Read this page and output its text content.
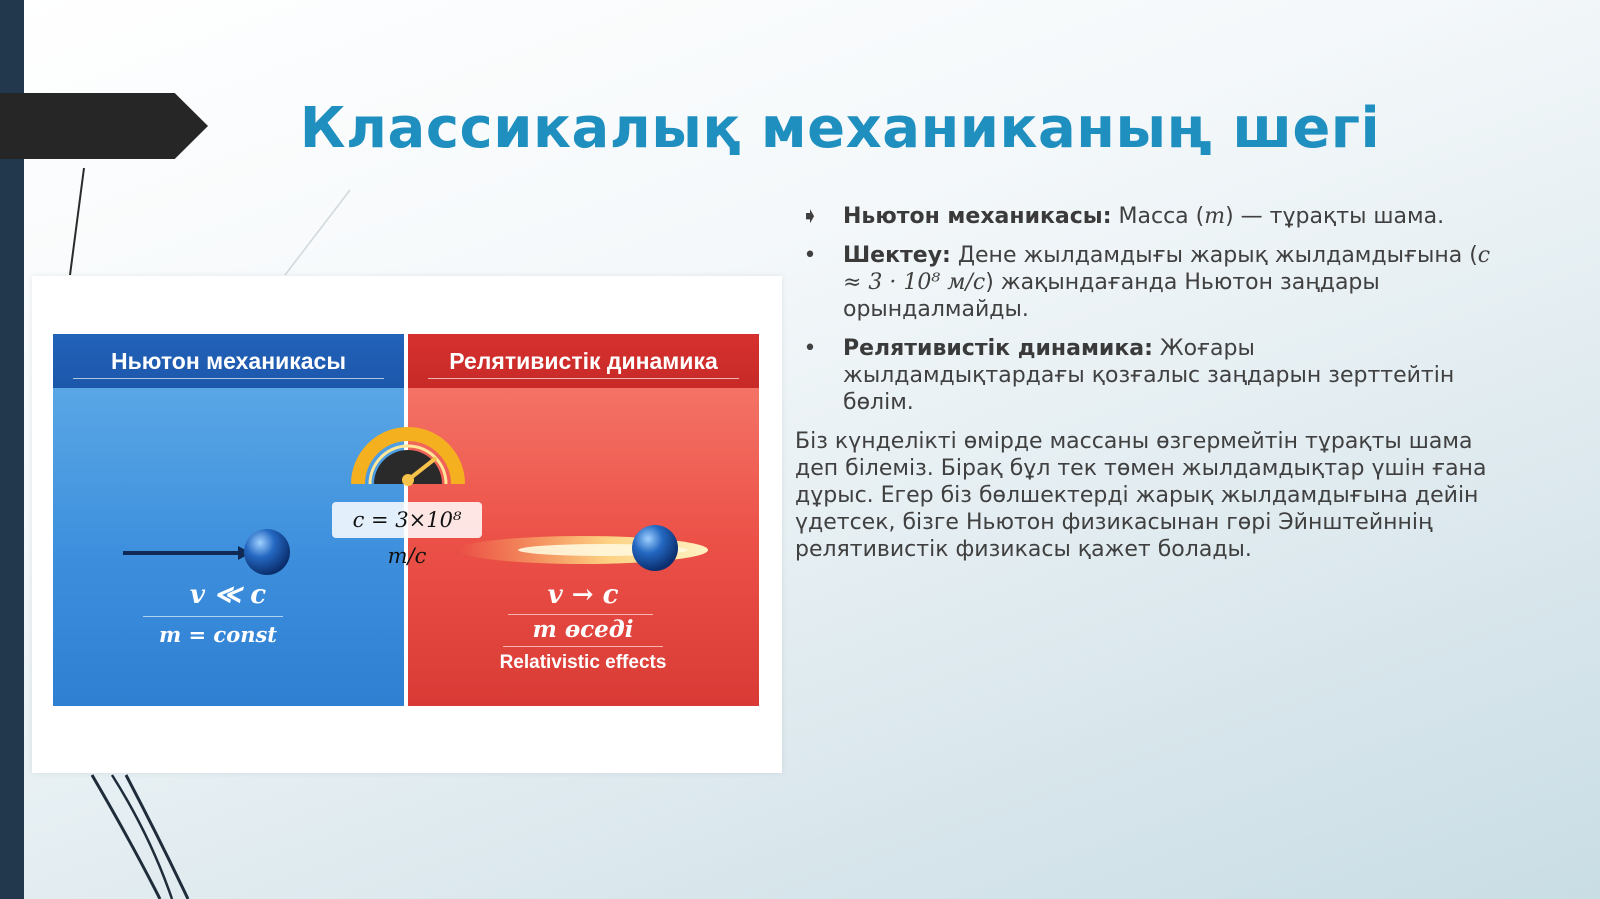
Классикалық механиканың шегі
Ньютон механикасы
v ≪ c
m = const
Релятивистік динамика
v → c
m өседі
Relativistic effects
c = 3×10⁸ m/c
➧ Ньютон механикасы: Масса (m) — тұрақты шама.
•	Шектеу: Дене жылдамдығы жарық жылдамдығына (c ≈ 3 · 10⁸ м/с) жақындағанда Ньютон заңдары орындалмайды.
•	Релятивистік динамика: Жоғары жылдамдықтардағы қозғалыс заңдарын зерттейтін бөлім.
Біз күнделікті өмірде массаны өзгермейтін тұрақты шама деп білеміз. Бірақ бұл тек төмен жылдамдықтар үшін ғана дұрыс. Егер біз бөлшектерді жарық жылдамдығына дейін үдетсек, бізге Ньютон физикасынан гөрі Эйнштейннің релятивистік физикасы қажет болады.
